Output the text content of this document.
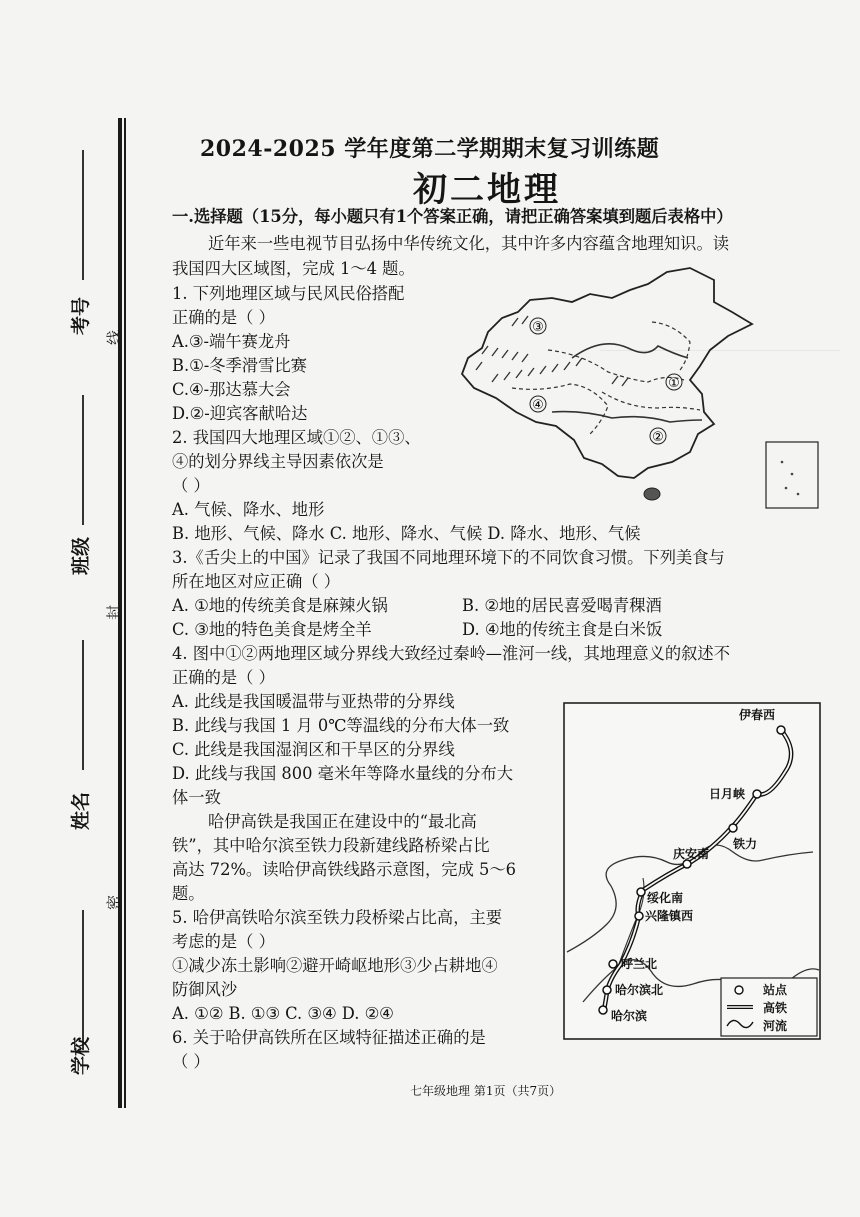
考号
线
班级
封
姓名
密
学校
2024-2025 学年度第二学期期末复习训练题
初二地理
一.选择题（15分，每小题只有1个答案正确，请把正确答案填到题后表格中）
近年来一些电视节目弘扬中华传统文化，其中许多内容蕴含地理知识。读
我国四大区域图，完成 1～4 题。
1. 下列地理区域与民风民俗搭配
正确的是（ ）
A.③-端午赛龙舟
B.①-冬季滑雪比赛
C.④-那达慕大会
D.②-迎宾客献哈达
2. 我国四大地理区域①②、①③、
④的划分界线主导因素依次是
（ ）
A. 气候、降水、地形
B. 地形、气候、降水 C. 地形、降水、气候 D. 降水、地形、气候
③
①
④
②
3.《舌尖上的中国》记录了我国不同地理环境下的不同饮食习惯。下列美食与
所在地区对应正确（ ）
A. ①地的传统美食是麻辣火锅	B. ②地的居民喜爱喝青稞酒
C. ③地的特色美食是烤全羊	D. ④地的传统主食是白米饭
4. 图中①②两地理区域分界线大致经过秦岭—淮河一线，其地理意义的叙述不
正确的是（ ）
A. 此线是我国暖温带与亚热带的分界线
B. 此线与我国 1 月 0℃等温线的分布大体一致
C. 此线是我国湿润区和干旱区的分界线
D. 此线与我国 800 毫米年等降水量线的分布大
体一致
哈伊高铁是我国正在建设中的“最北高
铁”，其中哈尔滨至铁力段新建线路桥梁占比
高达 72%。读哈伊高铁线路示意图，完成 5～6
题。
5. 哈伊高铁哈尔滨至铁力段桥梁占比高，主要
考虑的是（ ）
①减少冻土影响②避开崎岖地形③少占耕地④
防御风沙
A. ①② B. ①③ C. ③④ D. ②④
6. 关于哈伊高铁所在区域特征描述正确的是
（ ）
伊春西
日月峡
铁力
庆安南
绥化南
兴隆镇西
呼兰北
哈尔滨北
哈尔滨
站点
高铁
河流
七年级地理 第1页（共7页）
